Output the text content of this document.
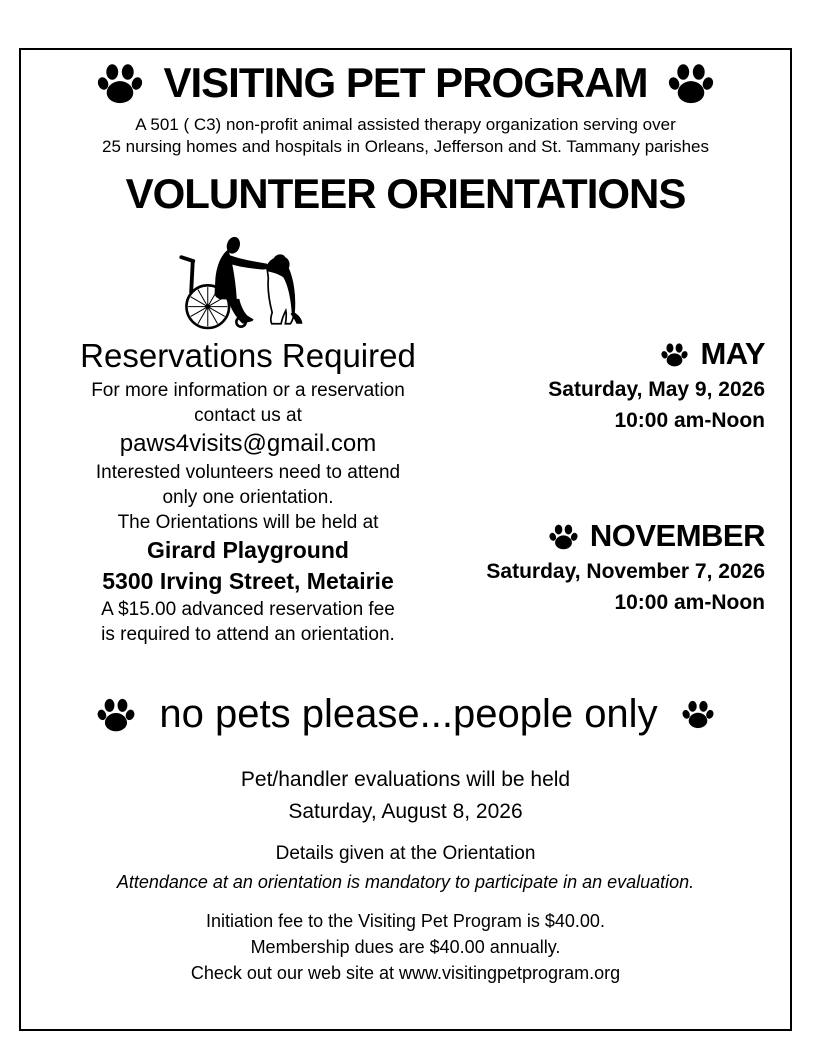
VISITING PET PROGRAM
A 501 ( C3) non-profit animal assisted therapy organization serving over
25 nursing homes and hospitals in Orleans, Jefferson and St. Tammany parishes
VOLUNTEER ORIENTATIONS
Reservations Required
For more information or a reservation
contact us at
paws4visits@gmail.com
Interested volunteers need to attend
only one orientation.
The Orientations will be held at
Girard Playground
5300 Irving Street, Metairie
A $15.00 advanced reservation fee
is required to attend an orientation.
MAY
Saturday, May 9, 2026
10:00 am-Noon
NOVEMBER
Saturday, November 7, 2026
10:00 am-Noon
no pets please...people only
Pet/handler evaluations will be held
Saturday, August 8, 2026
Details given at the Orientation
Attendance at an orientation is mandatory to participate in an evaluation.
Initiation fee to the Visiting Pet Program is $40.00.
Membership dues are $40.00 annually.
Check out our web site at www.visitingpetprogram.org
